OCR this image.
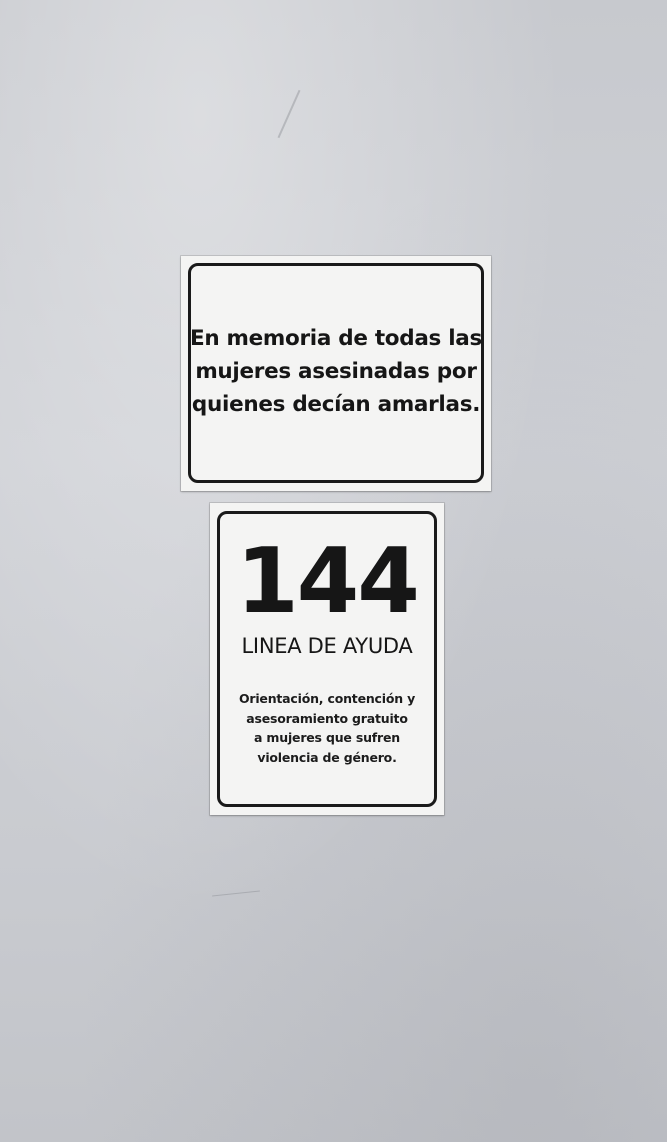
En memoria de todas las
mujeres asesinadas por
quienes decían amarlas.
144
LINEA DE AYUDA
Orientación, contención y
asesoramiento gratuito
a mujeres que sufren
violencia de género.
